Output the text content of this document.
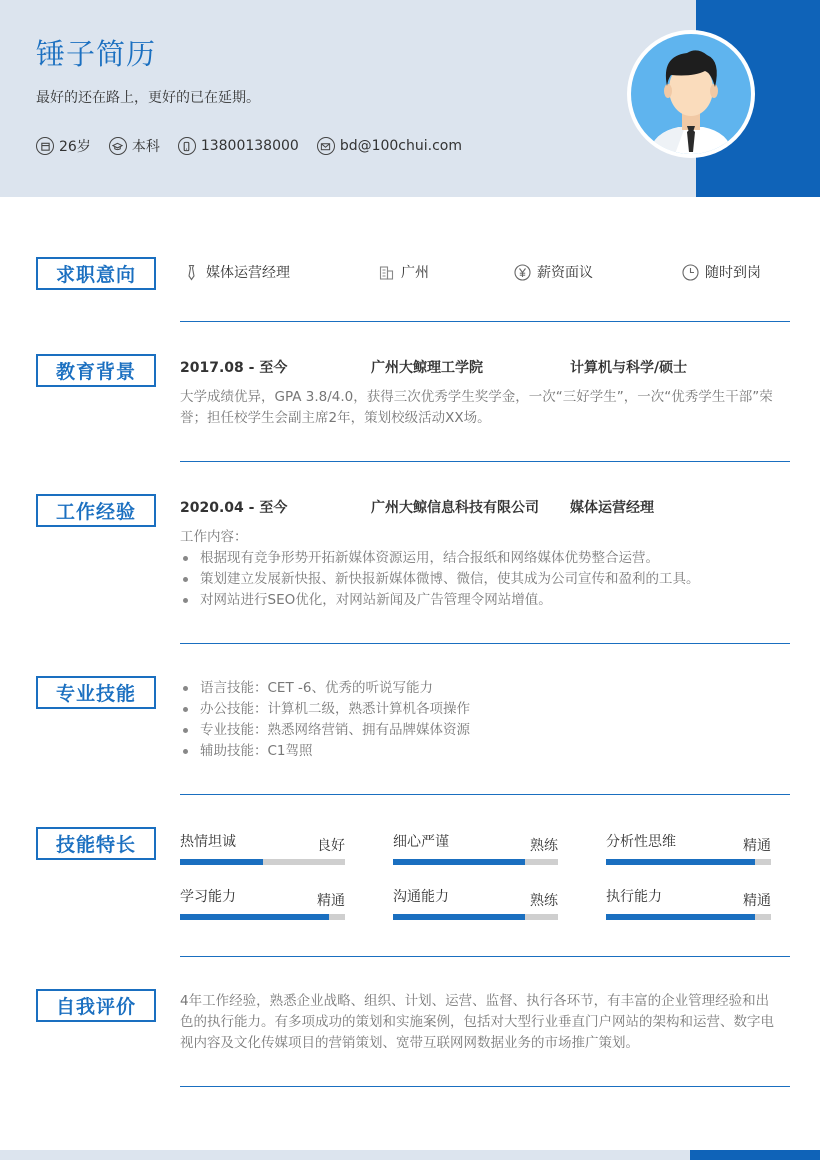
锤子简历
最好的还在路上，更好的已在延期。
26岁	本科	13800138000	bd@100chui.com
求职意向	媒体运营经理	广州	薪资面议	随时到岗
教育背景	2017.08 - 至今	广州大鲸理工学院	计算机与科学/硕士
大学成绩优异，GPA 3.8/4.0，获得三次优秀学生奖学金，一次“三好学生”，一次“优秀学生干部”荣誉；担任校学生会副主席2年，策划校级活动XX场。
工作经验	2020.04 - 至今	广州大鲸信息科技有限公司 媒体运营经理
工作内容：
根据现有竞争形势开拓新媒体资源运用，结合报纸和网络媒体优势整合运营。
策划建立发展新快报、新快报新媒体微博、微信，使其成为公司宣传和盈利的工具。
对网站进行SEO优化，对网站新闻及广告管理令网站增值。
专业技能	语言技能：CET -6、优秀的听说写能力
办公技能：计算机二级，熟悉计算机各项操作
专业技能：熟悉网络营销、拥有品牌媒体资源
辅助技能：C1驾照
技能特长	热情坦诚	良好	细心严谨	熟练	分析性思维	精通
学习能力	精通	沟通能力	熟练	执行能力	精通
自我评价	4年工作经验，熟悉企业战略、组织、计划、运营、监督、执行各环节，有丰富的企业管理经验和出色的执行能力。有多项成功的策划和实施案例，包括对大型行业垂直门户网站的架构和运营、数字电视内容及文化传媒项目的营销策划、宽带互联网网数据业务的市场推广策划。
